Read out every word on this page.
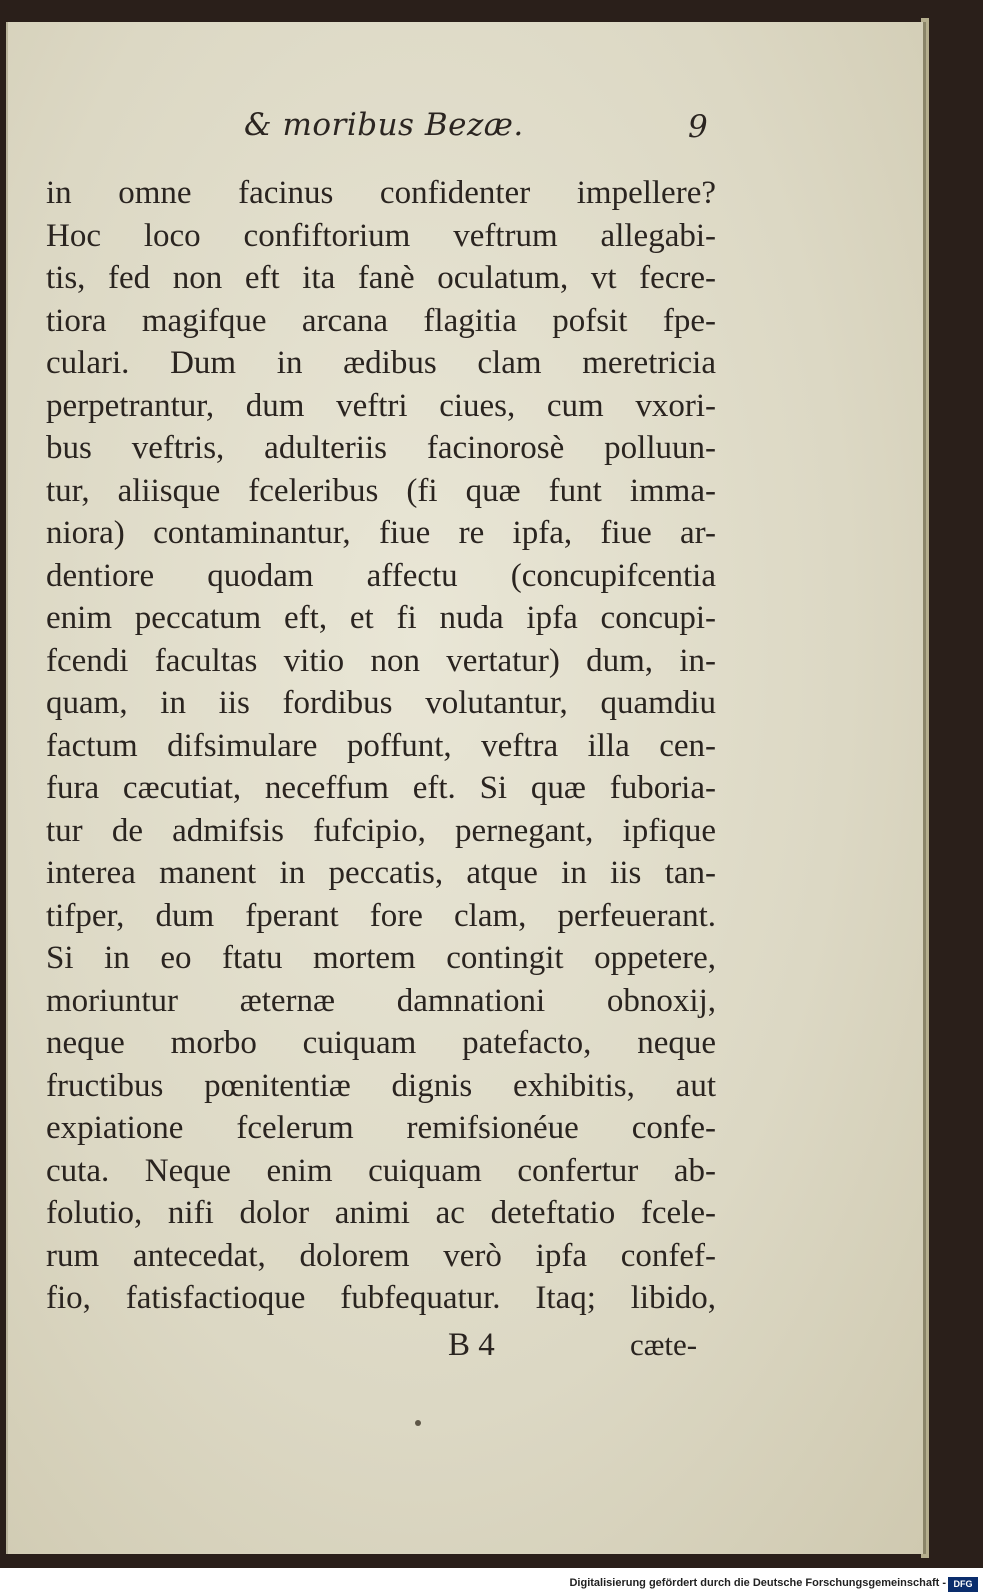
& moribus Bezæ.	9
in omne facinus confidenter impellere?
Hoc loco confiftorium veftrum allegabi-
tis, fed non eft ita fanè oculatum, vt fecre-
tiora magifque arcana flagitia pofsit fpe-
culari. Dum in ædibus clam meretricia
perpetrantur, dum veftri ciues, cum vxori-
bus veftris, adulteriis facinorosè polluun-
tur, aliisque fceleribus (fi quæ funt imma-
niora) contaminantur, fiue re ipfa, fiue ar-
dentiore quodam affectu (concupifcentia
enim peccatum eft, et fi nuda ipfa concupi-
fcendi facultas vitio non vertatur) dum, in-
quam, in iis fordibus volutantur, quamdiu
factum difsimulare poffunt, veftra illa cen-
fura cæcutiat, neceffum eft. Si quæ fuboria-
tur de admifsis fufcipio, pernegant, ipfique
interea manent in peccatis, atque in iis tan-
tifper, dum fperant fore clam, perfeuerant.
Si in eo ftatu mortem contingit oppetere,
moriuntur æternæ damnationi obnoxij,
neque morbo cuiquam patefacto, neque
fructibus pœnitentiæ dignis exhibitis, aut
expiatione fcelerum remifsionéue confe-
cuta. Neque enim cuiquam confertur ab-
folutio, nifi dolor animi ac deteftatio fcele-
rum antecedat, dolorem verò ipfa confef-
fio, fatisfactioque fubfequatur. Itaq; libido,
B 4	cæte-
Digitalisierung gefördert durch die Deutsche Forschungsgemeinschaft - DFG
